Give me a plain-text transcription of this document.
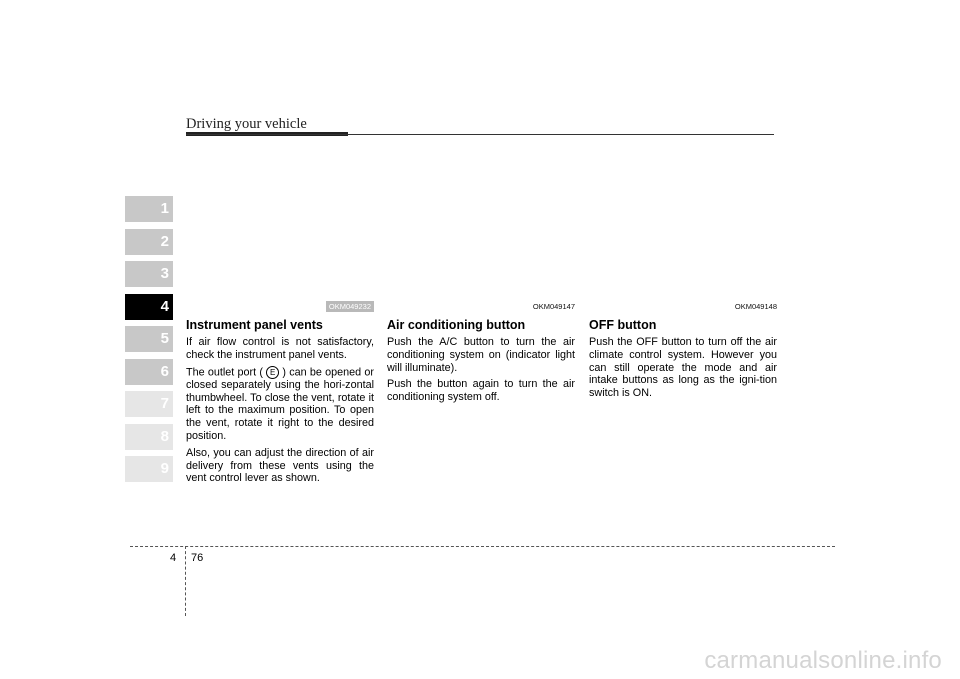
Driving your vehicle
1
2
3
4
5
6
7
8
9
OKM049232
Instrument panel vents

If air flow control is not satisfactory, check the instrument panel vents.

The outlet port ( E ) can be opened or closed separately using the hori-zontal thumbwheel. To close the vent, rotate it left to the maximum position. To open the vent, rotate it right to the desired position.

Also, you can adjust the direction of air delivery from these vents using the vent control lever as shown.

OKM049147
Air conditioning button

Push the A/C button to turn the air conditioning system on (indicator light will illuminate).

Push the button again to turn the air conditioning system off.

OKM049148
OFF button

Push the OFF button to turn off the air climate control system. However you can still operate the mode and air intake buttons as long as the igni-tion switch is ON.

4 76
carmanualsonline.info
